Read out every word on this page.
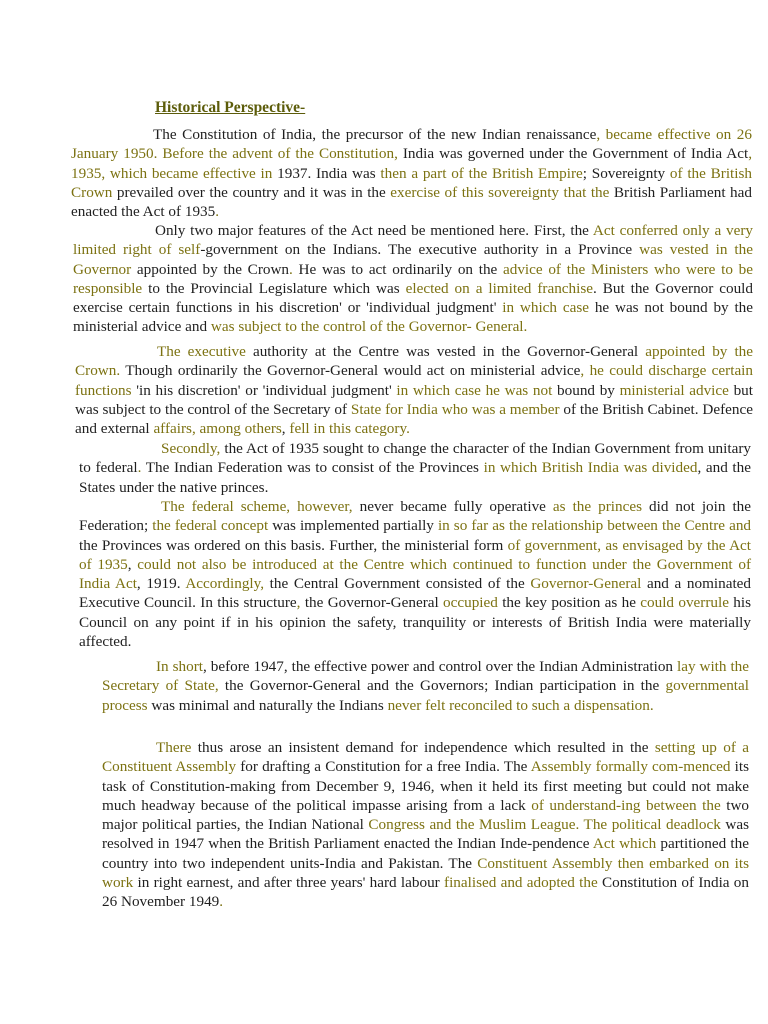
Historical Perspective-

The Constitution of India, the precursor of the new Indian renaissance, became effective on 26 January 1950. Before the advent of the Constitution, India was governed under the Government of India Act, 1935, which became effective in 1937. India was then a part of the British Empire; Sovereignty of the British Crown prevailed over the country and it was in the exercise of this sovereignty that the British Parliament had enacted the Act of 1935.

Only two major features of the Act need be mentioned here. First, the Act conferred only a very limited right of self-government on the Indians. The executive authority in a Province was vested in the Governor appointed by the Crown. He was to act ordinarily on the advice of the Ministers who were to be responsible to the Provincial Legislature which was elected on a limited franchise. But the Governor could exercise certain functions in his discretion' or 'individual judgment' in which case he was not bound by the ministerial advice and was subject to the control of the Governor- General.

The executive authority at the Centre was vested in the Governor-General appointed by the Crown. Though ordinarily the Governor-General would act on ministerial advice, he could discharge certain functions 'in his discretion' or 'individual judgment' in which case he was not bound by ministerial advice but was subject to the control of the Secretary of State for India who was a member of the British Cabinet. Defence and external affairs, among others, fell in this category.

Secondly, the Act of 1935 sought to change the character of the Indian Government from unitary to federal. The Indian Federation was to consist of the Provinces in which British India was divided, and the States under the native princes.

The federal scheme, however, never became fully operative as the princes did not join the Federation; the federal concept was implemented partially in so far as the relationship between the Centre and the Provinces was ordered on this basis. Further, the ministerial form of government, as envisaged by the Act of 1935, could not also be introduced at the Centre which continued to function under the Government of India Act, 1919. Accordingly, the Central Government consisted of the Governor-General and a nominated Executive Council. In this structure, the Governor-General occupied the key position as he could overrule his Council on any point if in his opinion the safety, tranquility or interests of British India were materially affected.

In short, before 1947, the effective power and control over the Indian Administration lay with the Secretary of State, the Governor-General and the Governors; Indian participation in the governmental process was minimal and naturally the Indians never felt reconciled to such a dispensation.

There thus arose an insistent demand for independence which resulted in the setting up of a Constituent Assembly for drafting a Constitution for a free India. The Assembly formally com-menced its task of Constitution-making from December 9, 1946, when it held its first meeting but could not make much headway because of the political impasse arising from a lack of understand-ing between the two major political parties, the Indian National Congress and the Muslim League. The political deadlock was resolved in 1947 when the British Parliament enacted the Indian Inde-pendence Act which partitioned the country into two independent units-India and Pakistan. The Constituent Assembly then embarked on its work in right earnest, and after three years' hard labour finalised and adopted the Constitution of India on 26 November 1949.
